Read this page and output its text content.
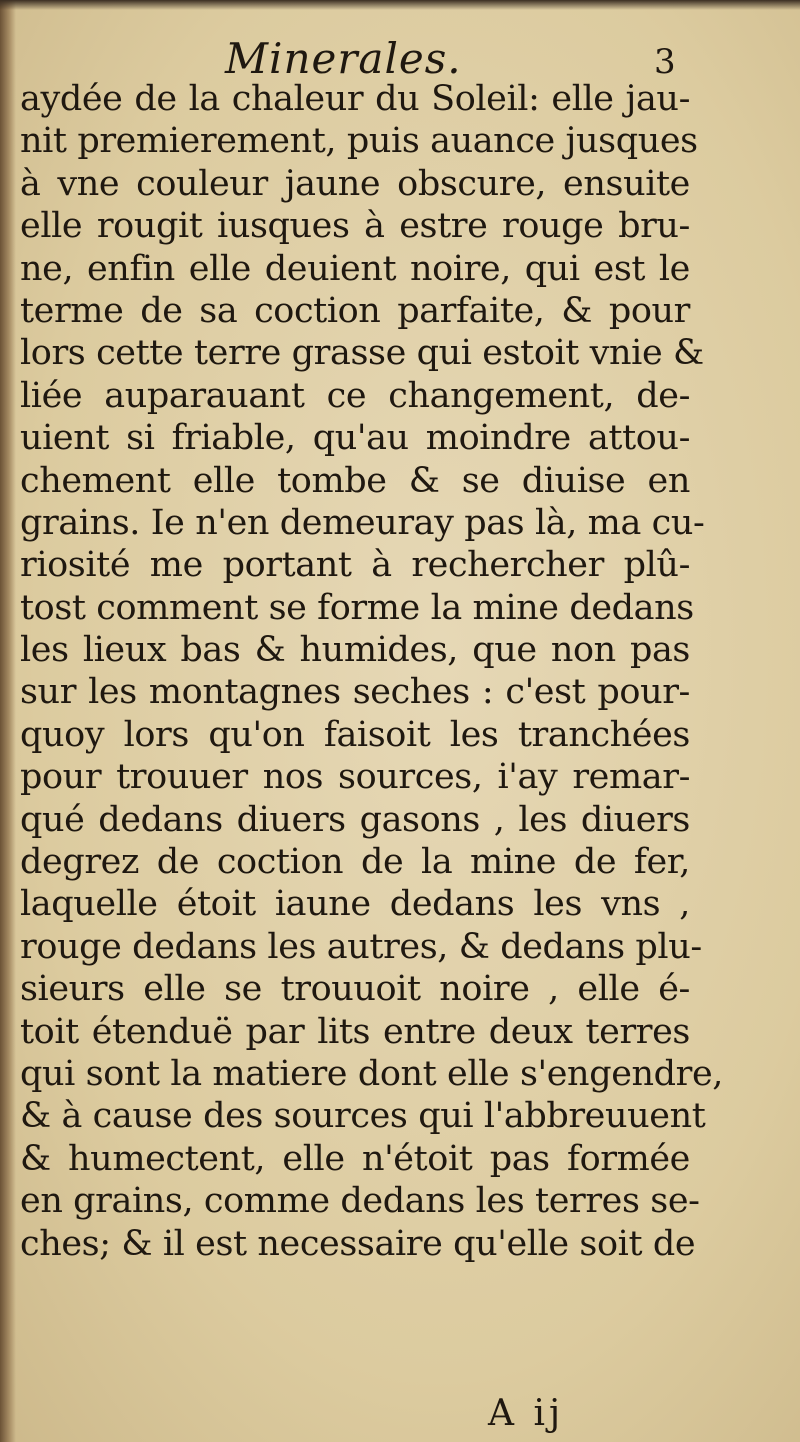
Minerales.	3
aydée de la chaleur du Soleil: elle jau-
nit premierement, puis auance jusques
à vne couleur jaune obscure, ensuite
elle rougit iusques à estre rouge bru-
ne, enfin elle deuient noire, qui est le
terme de sa coction parfaite, & pour
lors cette terre grasse qui estoit vnie &
liée auparauant ce changement, de-
uient si friable, qu'au moindre attou-
chement elle tombe & se diuise en
grains. Ie n'en demeuray pas là, ma cu-
riosité me portant à rechercher plû-
tost comment se forme la mine dedans
les lieux bas & humides, que non pas
sur les montagnes seches : c'est pour-
quoy lors qu'on faisoit les tranchées
pour trouuer nos sources, i'ay remar-
qué dedans diuers gasons , les diuers
degrez de coction de la mine de fer,
laquelle étoit iaune dedans les vns ,
rouge dedans les autres, & dedans plu-
sieurs elle se trouuoit noire , elle é-
toit étenduë par lits entre deux terres
qui sont la matiere dont elle s'engendre,
& à cause des sources qui l'abbreuuent
& humectent, elle n'étoit pas formée
en grains, comme dedans les terres se-
ches; & il est necessaire qu'elle soit de
A ij
